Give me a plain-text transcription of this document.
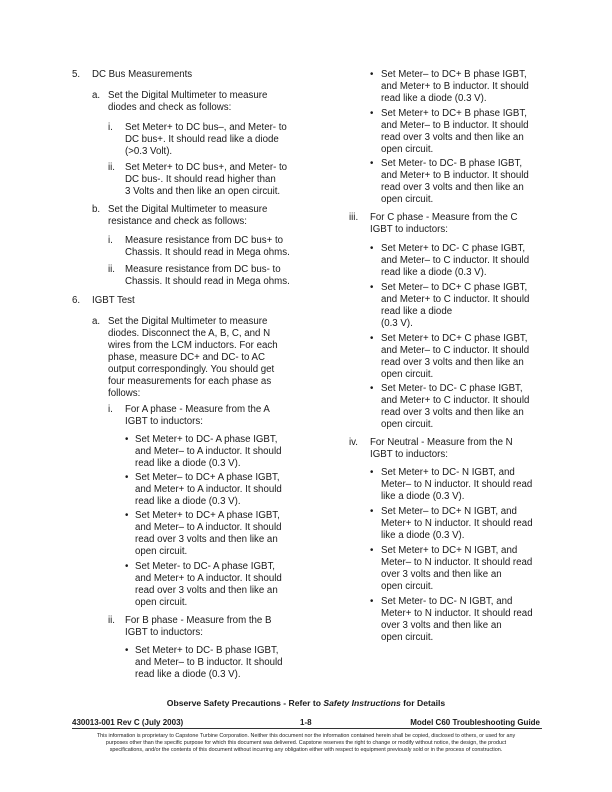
5. DC Bus Measurements
a. Set the Digital Multimeter to measure
diodes and check as follows:
i. Set Meter+ to DC bus–, and Meter- to
DC bus+. It should read like a diode
(>0.3 Volt).
ii. Set Meter+ to DC bus+, and Meter- to
DC bus-. It should read higher than
3 Volts and then like an open circuit.
b. Set the Digital Multimeter to measure
resistance and check as follows:
i. Measure resistance from DC bus+ to
Chassis. It should read in Mega ohms.
ii. Measure resistance from DC bus- to
Chassis. It should read in Mega ohms.
6. IGBT Test
a. Set the Digital Multimeter to measure
diodes. Disconnect the A, B, C, and N
wires from the LCM inductors. For each
phase, measure DC+ and DC- to AC
output correspondingly. You should get
four measurements for each phase as
follows:
i. For A phase - Measure from the A
IGBT to inductors:
• Set Meter+ to DC- A phase IGBT,
and Meter– to A inductor. It should
read like a diode (0.3 V).
• Set Meter– to DC+ A phase IGBT,
and Meter+ to A inductor. It should
read like a diode (0.3 V).
• Set Meter+ to DC+ A phase IGBT,
and Meter– to A inductor. It should
read over 3 volts and then like an
open circuit.
• Set Meter- to DC- A phase IGBT,
and Meter+ to A inductor. It should
read over 3 volts and then like an
open circuit.
ii. For B phase - Measure from the B
IGBT to inductors:
• Set Meter+ to DC- B phase IGBT,
and Meter– to B inductor. It should
read like a diode (0.3 V).
• Set Meter– to DC+ B phase IGBT,
and Meter+ to B inductor. It should
read like a diode (0.3 V).
• Set Meter+ to DC+ B phase IGBT,
and Meter– to B inductor. It should
read over 3 volts and then like an
open circuit.
• Set Meter- to DC- B phase IGBT,
and Meter+ to B inductor. It should
read over 3 volts and then like an
open circuit.
iii. For C phase - Measure from the C
IGBT to inductors:
• Set Meter+ to DC- C phase IGBT,
and Meter– to C inductor. It should
read like a diode (0.3 V).
• Set Meter– to DC+ C phase IGBT,
and Meter+ to C inductor. It should
read like a diode
(0.3 V).
• Set Meter+ to DC+ C phase IGBT,
and Meter– to C inductor. It should
read over 3 volts and then like an
open circuit.
• Set Meter- to DC- C phase IGBT,
and Meter+ to C inductor. It should
read over 3 volts and then like an
open circuit.
iv. For Neutral - Measure from the N
IGBT to inductors:
• Set Meter+ to DC- N IGBT, and
Meter– to N inductor. It should read
like a diode (0.3 V).
• Set Meter– to DC+ N IGBT, and
Meter+ to N inductor. It should read
like a diode (0.3 V).
• Set Meter+ to DC+ N IGBT, and
Meter– to N inductor. It should read
over 3 volts and then like an
open circuit.
• Set Meter- to DC- N IGBT, and
Meter+ to N inductor. It should read
over 3 volts and then like an
open circuit.
Observe Safety Precautions - Refer to Safety Instructions for Details
430013-001 Rev C (July 2003)	1-8	Model C60 Troubleshooting Guide
This information is proprietary to Capstone Turbine Corporation. Neither this document nor the information contained herein shall be copied, disclosed to others, or used for any
purposes other than the specific purpose for which this document was delivered. Capstone reserves the right to change or modify without notice, the design, the product
specifications, and/or the contents of this document without incurring any obligation either with respect to equipment previously sold or in the process of construction.
